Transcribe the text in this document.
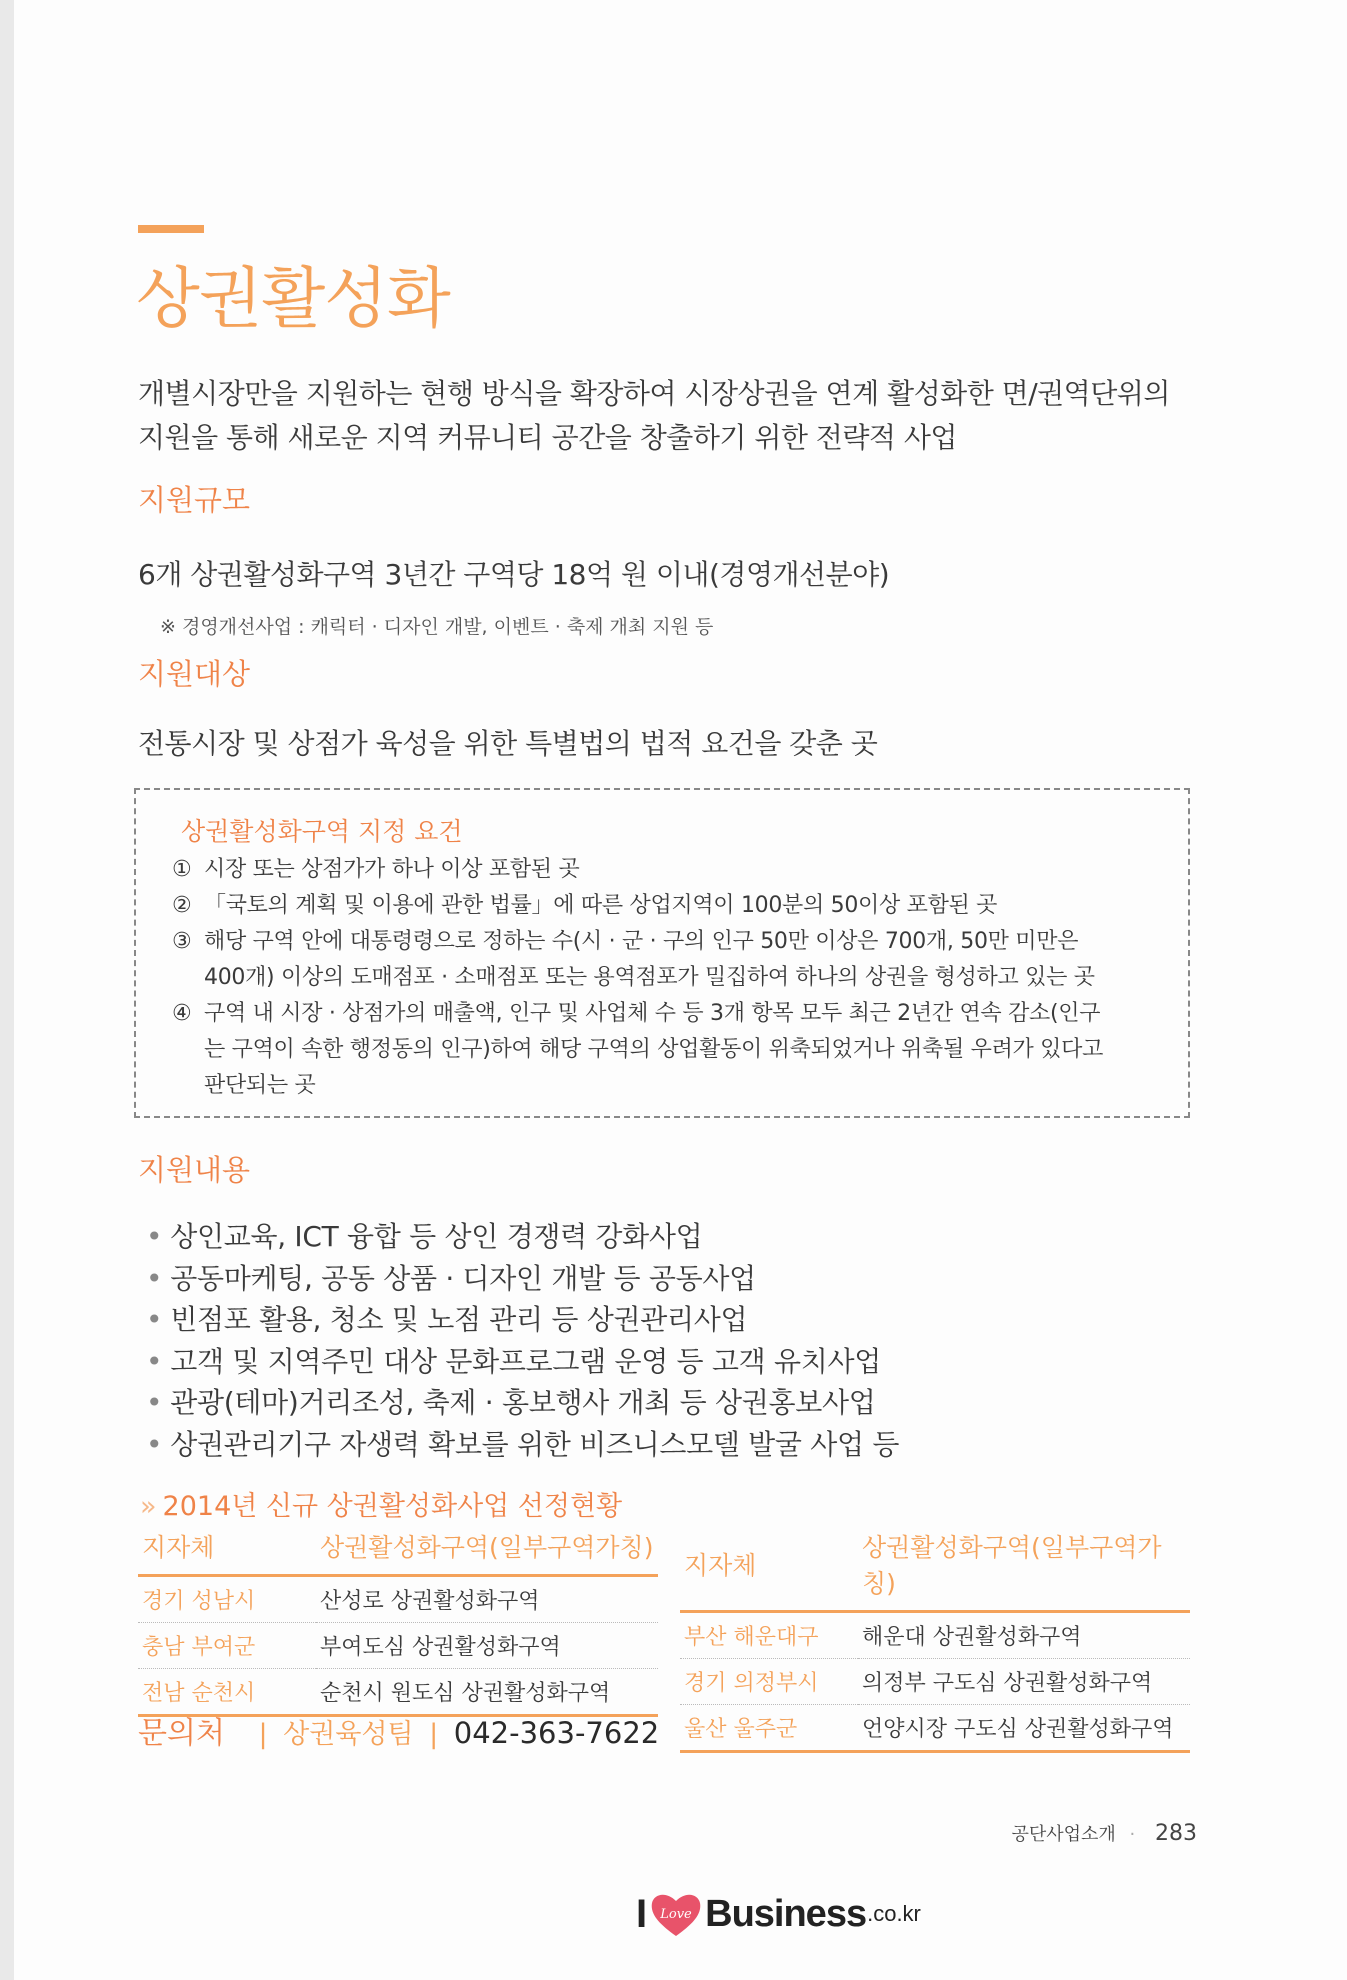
상권활성화
개별시장만을 지원하는 현행 방식을 확장하여 시장상권을 연계 활성화한 면/권역단위의 지원을 통해 새로운 지역 커뮤니티 공간을 창출하기 위한 전략적 사업
지원규모
6개 상권활성화구역 3년간 구역당 18억 원 이내(경영개선분야)
※ 경영개선사업 : 캐릭터 · 디자인 개발, 이벤트 · 축제 개최 지원 등
지원대상
전통시장 및 상점가 육성을 위한 특별법의 법적 요건을 갖춘 곳
상권활성화구역 지정 요건
① 시장 또는 상점가가 하나 이상 포함된 곳
② 「국토의 계획 및 이용에 관한 법률」에 따른 상업지역이 100분의 50이상 포함된 곳
③ 해당 구역 안에 대통령령으로 정하는 수(시 · 군 · 구의 인구 50만 이상은 700개, 50만 미만은
400개) 이상의 도매점포 · 소매점포 또는 용역점포가 밀집하여 하나의 상권을 형성하고 있는 곳
④ 구역 내 시장 · 상점가의 매출액, 인구 및 사업체 수 등 3개 항목 모두 최근 2년간 연속 감소(인구
는 구역이 속한 행정동의 인구)하여 해당 구역의 상업활동이 위축되었거나 위축될 우려가 있다고
판단되는 곳
지원내용
• 상인교육, ICT 융합 등 상인 경쟁력 강화사업
• 공동마케팅, 공동 상품 · 디자인 개발 등 공동사업
• 빈점포 활용, 청소 및 노점 관리 등 상권관리사업
• 고객 및 지역주민 대상 문화프로그램 운영 등 고객 유치사업
• 관광(테마)거리조성, 축제 · 홍보행사 개최 등 상권홍보사업
• 상권관리기구 자생력 확보를 위한 비즈니스모델 발굴 사업 등
» 2014년 신규 상권활성화사업 선정현황
지자체	상권활성화구역(일부구역가칭)
경기 성남시	산성로 상권활성화구역
충남 부여군	부여도심 상권활성화구역
전남 순천시	순천시 원도심 상권활성화구역
지자체	상권활성화구역(일부구역가칭)
부산 해운대구	해운대 상권활성화구역
경기 의정부시	의정부 구도심 상권활성화구역
울산 울주군	언양시장 구도심 상권활성화구역
문의처 | 상권육성팀 | 042-363-7622
공단사업소개 · 283
I Love Business .co.kr
